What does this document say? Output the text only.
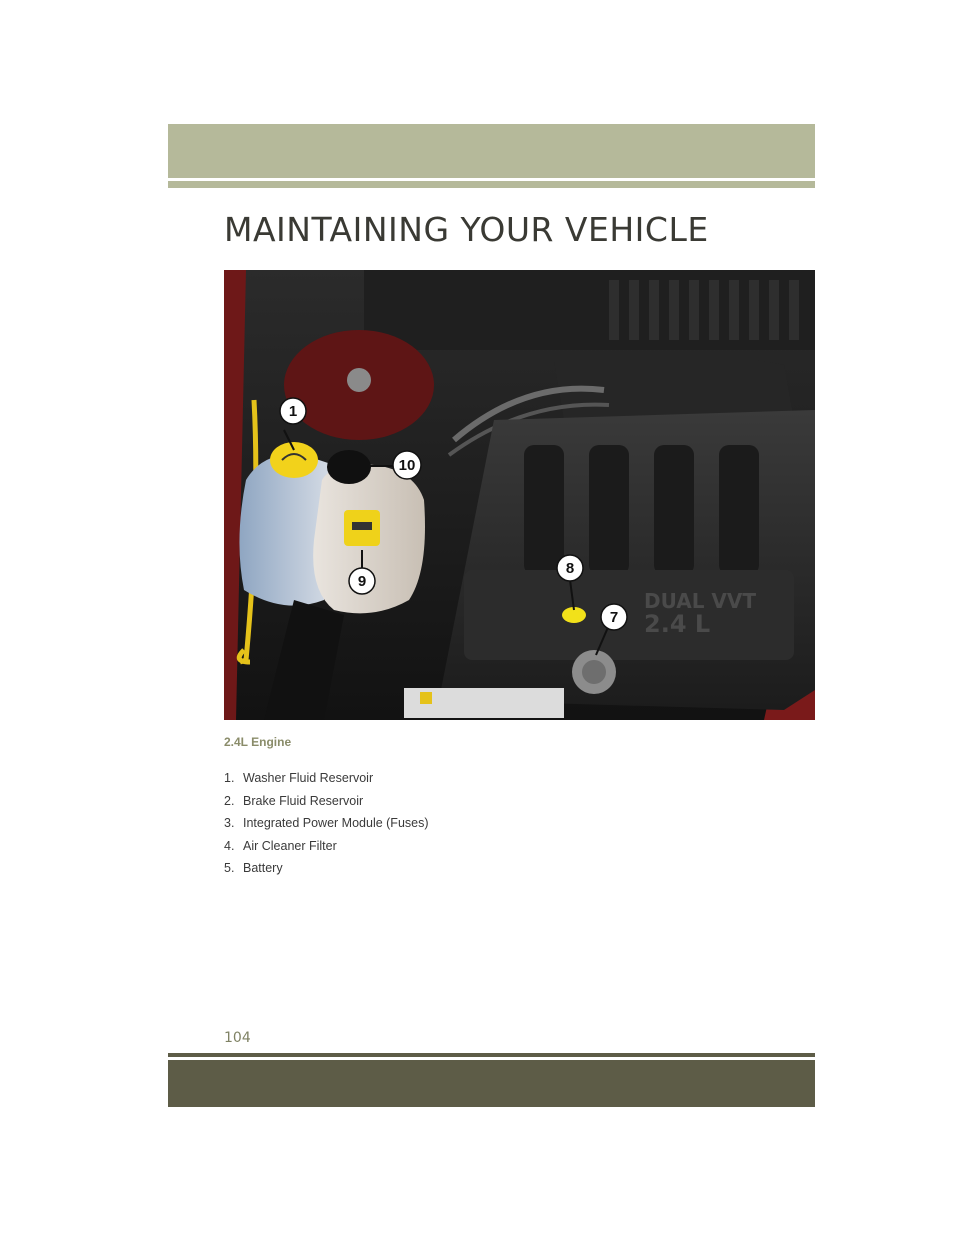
MAINTAINING YOUR VEHICLE
DUAL VVT
2.4 L
1
10
9
8
7
2.4L Engine
1. Washer Fluid Reservoir
2. Brake Fluid Reservoir
3. Integrated Power Module (Fuses)
4. Air Cleaner Filter
5. Battery
104
